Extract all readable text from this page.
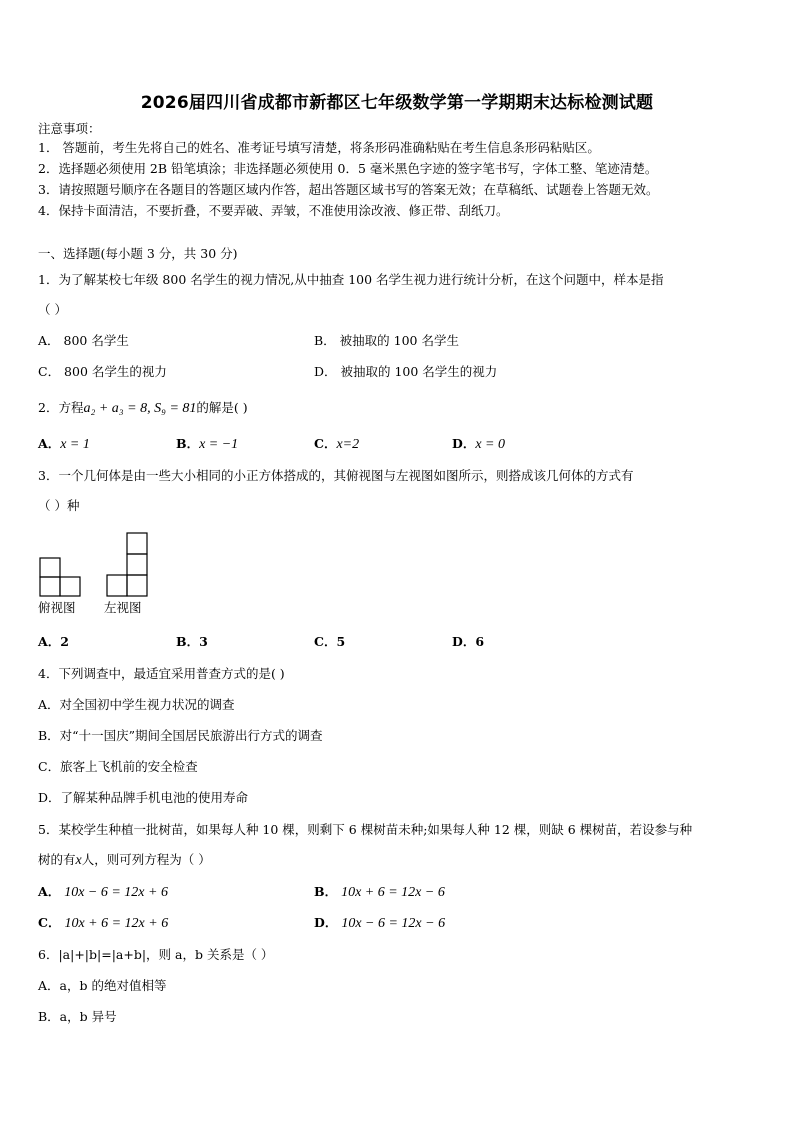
2026届四川省成都市新都区七年级数学第一学期期末达标检测试题
注意事项：
1． 答题前，考生先将自己的姓名、准考证号填写清楚，将条形码准确粘贴在考生信息条形码粘贴区。
2．选择题必须使用 2B 铅笔填涂；非选择题必须使用 0．5 毫米黑色字迹的签字笔书写，字体工整、笔迹清楚。
3．请按照题号顺序在各题目的答题区域内作答，超出答题区域书写的答案无效；在草稿纸、试题卷上答题无效。
4．保持卡面清洁，不要折叠，不要弄破、弄皱，不准使用涂改液、修正带、刮纸刀。
一、选择题(每小题 3 分，共 30 分)
1．为了解某校七年级 800 名学生的视力情况,从中抽查 100 名学生视力进行统计分析，在这个问题中，样本是指
（ ）
A． 800 名学生	B． 被抽取的 100 名学生
C． 800 名学生的视力	D． 被抽取的 100 名学生的视力
2．方程a₂ + a₃ = 8, S₉ = 81的解是( )
A．x = 1	B．x = −1	C．x=2	D．x = 0
3．一个几何体是由一些大小相同的小正方体搭成的，其俯视图与左视图如图所示，则搭成该几何体的方式有
（ ）种
俯视图 左视图
A．2	B．3	C．5	D．6
4．下列调查中，最适宜采用普查方式的是( )
A．对全国初中学生视力状况的调查
B．对“十一国庆”期间全国居民旅游出行方式的调查
C．旅客上飞机前的安全检查
D．了解某种品牌手机电池的使用寿命
5．某校学生种植一批树苗，如果每人种 10 棵，则剩下 6 棵树苗未种;如果每人种 12 棵，则缺 6 棵树苗，若设参与种
树的有x人，则可列方程为（ ）
A． 10x − 6 = 12x + 6	B． 10x + 6 = 12x − 6
C． 10x + 6 = 12x + 6	D． 10x − 6 = 12x − 6
6．|a|+|b|=|a+b|，则 a，b 关系是（ ）
A．a，b 的绝对值相等
B．a，b 异号
